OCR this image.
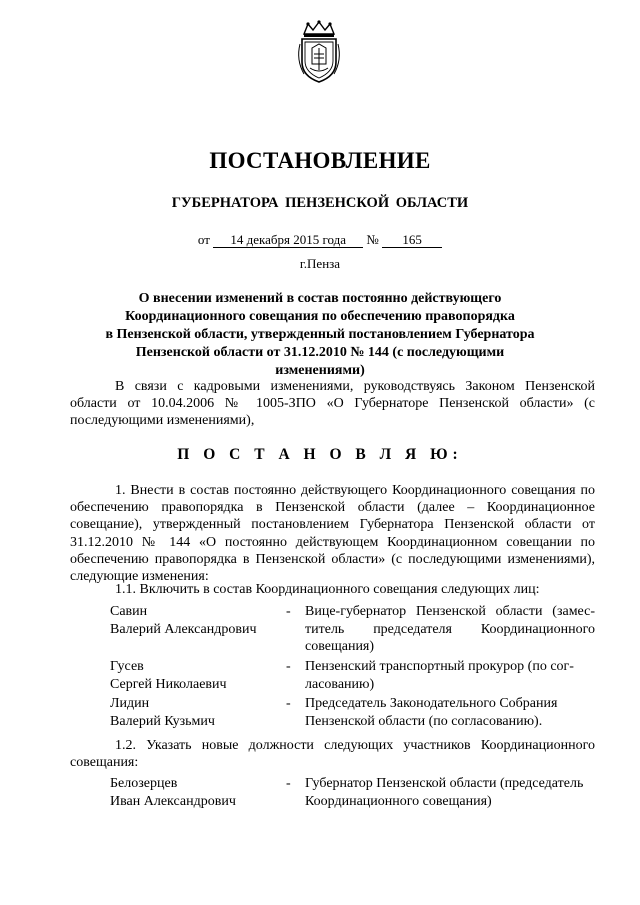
ПОСТАНОВЛЕНИЕ
ГУБЕРНАТОРА ПЕНЗЕНСКОЙ ОБЛАСТИ
от 14 декабря 2015 года № 165
г.Пенза
О внесении изменений в состав постоянно действующего
Координационного совещания по обеспечению правопорядка
в Пензенской области, утвержденный постановлением Губернатора
Пензенской области от 31.12.2010 № 144 (с последующими изменениями)
В связи с кадровыми изменениями, руководствуясь Законом Пензенской области от 10.04.2006 № 1005-ЗПО «О Губернаторе Пензенской области» (с последующими изменениями),
П О С Т А Н О В Л Я Ю:
1. Внести в состав постоянно действующего Координационного совещания по обеспечению правопорядка в Пензенской области (далее – Координационное совещание), утвержденный постановлением Губернатора Пензенской области от 31.12.2010 № 144 «О постоянно действующем Координационном совещании по обеспечению правопорядка в Пензенской области» (с последующими изменениями), следующие изменения:
1.1. Включить в состав Координационного совещания следующих лиц:
Савин
Валерий Александрович
- Вице-губернатор Пензенской области (замес-
титель председателя Координационного
совещания)
Гусев
Сергей Николаевич
- Пензенский транспортный прокурор (по сог-
ласованию)
Лидин
Валерий Кузьмич
- Председатель Законодательного Собрания
Пензенской области (по согласованию).
1.2. Указать новые должности следующих участников Координационного совещания:
Белозерцев
Иван Александрович
- Губернатор Пензенской области (председатель
Координационного совещания)
